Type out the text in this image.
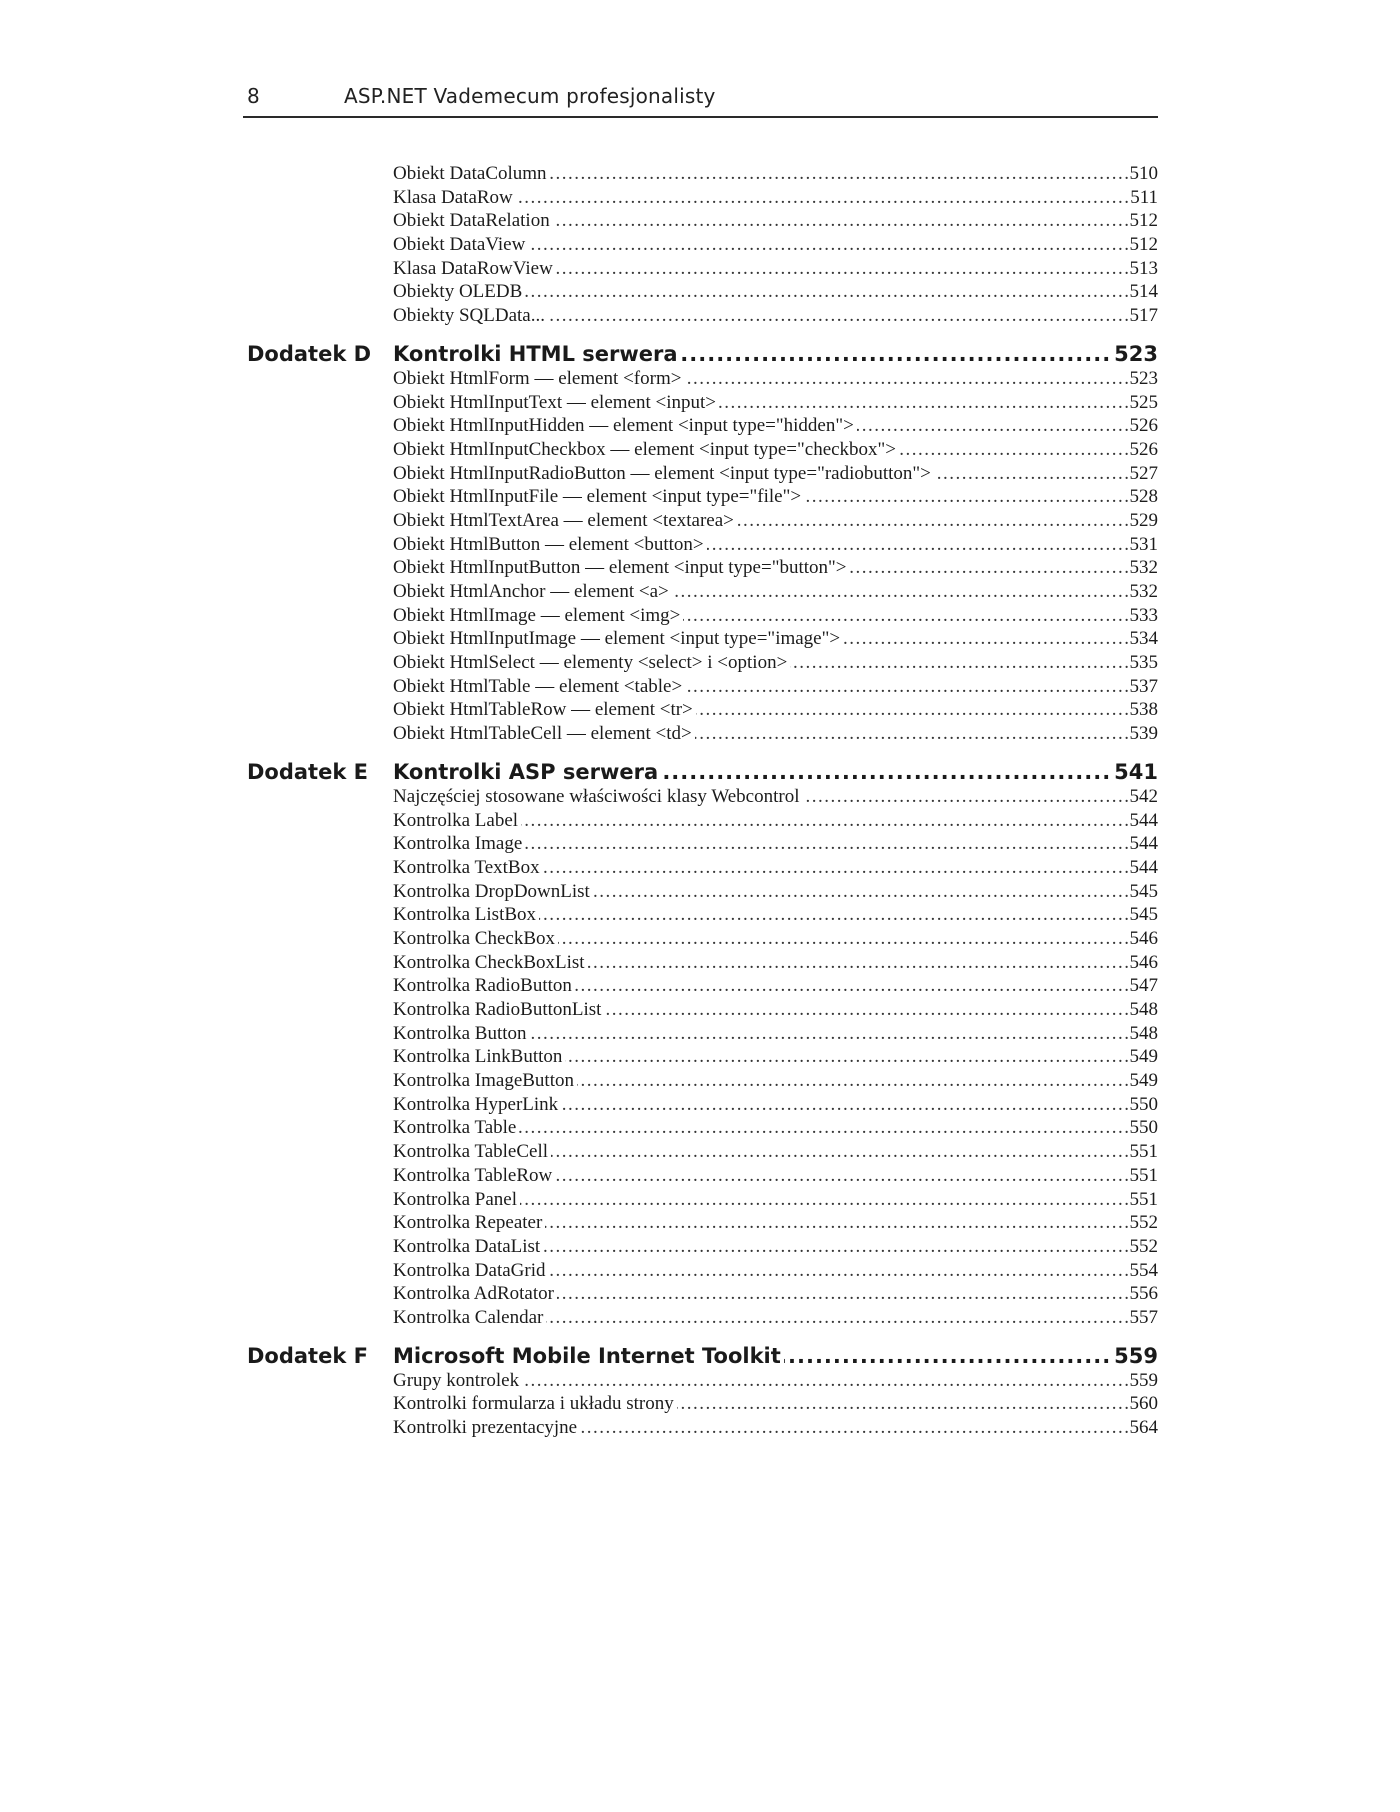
8	ASP.NET Vademecum profesjonalisty
..... Obiekt DataColumn	510
..... Klasa DataRow	511
..... Obiekt DataRelation	512
..... Obiekt DataView	512
..... Klasa DataRowView	513
..... Obiekty OLEDB	514
..... Obiekty SQLData...	517
Dodatek D ..... Kontrolki HTML serwera	523
..... Obiekt HtmlForm — element <form>	523
..... Obiekt HtmlInputText — element <input>	525
..... Obiekt HtmlInputHidden — element <input type="hidden">	526
..... Obiekt HtmlInputCheckbox — element <input type="checkbox">	526
..... Obiekt HtmlInputRadioButton — element <input type="radiobutton">	527
..... Obiekt HtmlInputFile — element <input type="file">	528
..... Obiekt HtmlTextArea — element <textarea>	529
..... Obiekt HtmlButton — element <button>	531
..... Obiekt HtmlInputButton — element <input type="button">	532
..... Obiekt HtmlAnchor — element <a>	532
..... Obiekt HtmlImage — element <img>	533
..... Obiekt HtmlInputImage — element <input type="image">	534
..... Obiekt HtmlSelect — elementy <select> i <option>	535
..... Obiekt HtmlTable — element <table>	537
..... Obiekt HtmlTableRow — element <tr>	538
..... Obiekt HtmlTableCell — element <td>	539
Dodatek E ..... Kontrolki ASP serwera	541
..... Najczęściej stosowane właściwości klasy Webcontrol	542
..... Kontrolka Label	544
..... Kontrolka Image	544
..... Kontrolka TextBox	544
..... Kontrolka DropDownList	545
..... Kontrolka ListBox	545
..... Kontrolka CheckBox	546
..... Kontrolka CheckBoxList	546
..... Kontrolka RadioButton	547
..... Kontrolka RadioButtonList	548
..... Kontrolka Button	548
..... Kontrolka LinkButton	549
..... Kontrolka ImageButton	549
..... Kontrolka HyperLink	550
..... Kontrolka Table	550
..... Kontrolka TableCell	551
..... Kontrolka TableRow	551
..... Kontrolka Panel	551
..... Kontrolka Repeater	552
..... Kontrolka DataList	552
..... Kontrolka DataGrid	554
..... Kontrolka AdRotator	556
..... Kontrolka Calendar	557
Dodatek F ..... Microsoft Mobile Internet Toolkit	559
..... Grupy kontrolek	559
..... Kontrolki formularza i układu strony	560
..... Kontrolki prezentacyjne	564
